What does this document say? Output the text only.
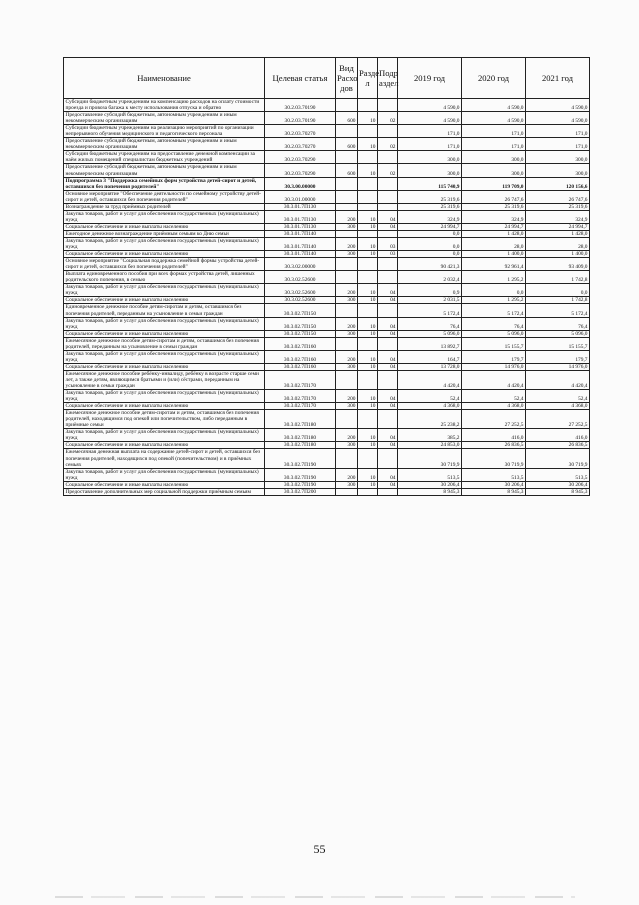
Наименование	Целевая статья	Вид Расхо дов	Разде л	Подр аздел	2019 год	2020 год	2021 год
Субсидии бюджетным учреждениям на компенсацию расходов на оплату стоимости проезда и провоза багажа к месту использования отпуска и обратно	30.2.03.70190				4 590,0	4 590,0	4 590,0
Предоставление субсидий бюджетным, автономным учреждениям и иным некоммерческим организациям	30.2.03.70190	600	10	02	4 590,0	4 590,0	4 590,0
Субсидии бюджетным учреждениям на реализацию мероприятий по организации непрерывного обучения медицинского и педагогического персонала	30.2.03.70270				171,0	171,0	171,0
Предоставление субсидий бюджетным, автономным учреждениям и иным некоммерческим организациям	30.2.03.70270	600	10	02	171,0	171,0	171,0
Субсидии бюджетным учреждениям на предоставление денежной компенсации за наём жилых помещений специалистам бюджетных учреждений	30.2.03.70290				300,0	300,0	300,0
Предоставление субсидий бюджетным, автономным учреждениям и иным некоммерческим организациям	30.2.03.70290	600	10	02	300,0	300,0	300,0
Подпрограмма 3 "Поддержка семейных форм устройства детей-сирот и детей, оставшихся без попечения родителей"	30.3.00.00000				115 740,9	119 709,0	120 156,6
Основное мероприятие "Обеспечение деятельности по семейному устройству детей-сирот и детей, оставшихся без попечения родителей"	30.3.01.00000				25 319,6	26 747,6	26 747,6
Вознаграждение за труд приёмных родителей	30.3.01.7П130				25 319,6	25 319,6	25 319,6
Закупка товаров, работ и услуг для обеспечения государственных (муниципальных) нужд	30.3.01.7П130	200	10	04	324,9	324,9	324,9
Социальное обеспечение и иные выплаты населению	30.3.01.7П130	300	10	04	24 994,7	24 994,7	24 994,7
Ежегодное денежное вознаграждение приёмным семьям ко Дню семьи	30.3.01.7П140				0,0	1 428,0	1 428,0
Закупка товаров, работ и услуг для обеспечения государственных (муниципальных) нужд	30.3.01.7П140	200	10	03	0,0	28,0	28,0
Социальное обеспечение и иные выплаты населению	30.3.01.7П140	300	10	03	0,0	1 400,0	1 400,0
Основное мероприятие "Социальная поддержка семейной формы устройства детей-сирот и детей, оставшихся без попечения родителей"	30.3.02.00000				90 421,3	92 961,4	93 409,0
Выплата единовременного пособия при всех формах устройства детей, лишенных родительского попечения, в семью	30.3.02.52600				2 032,4	1 295,2	1 742,8
Закупка товаров, работ и услуг для обеспечения государственных (муниципальных) нужд	30.3.02.52600	200	10	04	0,9	0,0	0,0
Социальное обеспечение и иные выплаты населению	30.3.02.52600	300	10	04	2 031,5	1 295,2	1 742,8
Единовременное денежное пособие детям-сиротам и детям, оставшимся без попечения родителей, переданным на усыновление в семьи граждан	30.3.02.7П150				5 172,4	5 172,4	5 172,4
Закупка товаров, работ и услуг для обеспечения государственных (муниципальных) нужд	30.3.02.7П150	200	10	04	76,4	76,4	76,4
Социальное обеспечение и иные выплаты населению	30.3.02.7П150	300	10	04	5 096,0	5 096,0	5 096,0
Ежемесячное денежное пособие детям-сиротам и детям, оставшимся без попечения родителей, переданным на усыновление в семьи граждан	30.3.02.7П160				13 892,7	15 155,7	15 155,7
Закупка товаров, работ и услуг для обеспечения государственных (муниципальных) нужд	30.3.02.7П160	200	10	04	164,7	179,7	179,7
Социальное обеспечение и иные выплаты населению	30.3.02.7П160	300	10	04	13 728,0	14 976,0	14 976,0
Ежемесячное денежное пособие ребёнку-инвалиду, ребёнку в возрасте старше семи лет, а также детям, являющимся братьями и (или) сёстрами, переданным на усыновление в семьи граждан	30.3.02.7П170				4 420,4	4 420,4	4 420,4
Закупка товаров, работ и услуг для обеспечения государственных (муниципальных) нужд	30.3.02.7П170	200	10	04	52,4	52,4	52,4
Социальное обеспечение и иные выплаты населению	30.3.02.7П170	300	10	04	4 368,0	4 368,0	4 368,0
Ежемесячное денежное пособие детям-сиротам и детям, оставшимся без попечения родителей, находящимся под опекой или попечительством, либо переданным в приёмные семьи	30.3.02.7П180				25 238,2	27 252,5	27 252,5
Закупка товаров, работ и услуг для обеспечения государственных (муниципальных) нужд	30.3.02.7П180	200	10	04	385,2	416,0	416,0
Социальное обеспечение и иные выплаты населению	30.3.02.7П180	300	10	04	24 853,0	26 836,5	26 836,5
Ежемесячная денежная выплата на содержание детей-сирот и детей, оставшихся без попечения родителей, находящихся под опекой (попечительством) и в приёмных семьях	30.3.02.7П190				30 719,9	30 719,9	30 719,9
Закупка товаров, работ и услуг для обеспечения государственных (муниципальных) нужд	30.3.02.7П190	200	10	04	513,5	513,5	513,5
Социальное обеспечение и иные выплаты населению	30.3.02.7П190	300	10	04	30 206,4	30 206,4	30 206,4
Предоставление дополнительных мер социальной поддержки приёмным семьям	30.3.02.7П200				8 945,3	8 945,3	8 945,3
55
